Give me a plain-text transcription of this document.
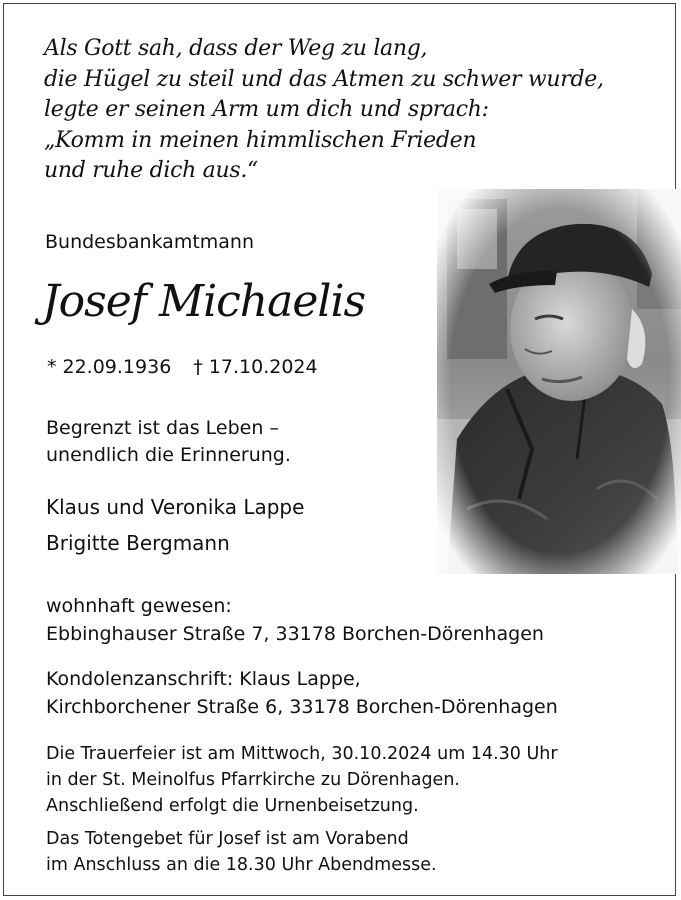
Als Gott sah, dass der Weg zu lang,
die Hügel zu steil und das Atmen zu schwer wurde,
legte er seinen Arm um dich und sprach:
„Komm in meinen himmlischen Frieden
und ruhe dich aus.“
Bundesbankamtmann
Josef Michaelis
* 22.09.1936 † 17.10.2024
Begrenzt ist das Leben –
unendlich die Erinnerung.
Klaus und Veronika Lappe
Brigitte Bergmann
wohnhaft gewesen:
Ebbinghauser Straße 7, 33178 Borchen-Dörenhagen
Kondolenzanschrift: Klaus Lappe,
Kirchborchener Straße 6, 33178 Borchen-Dörenhagen
Die Trauerfeier ist am Mittwoch, 30.10.2024 um 14.30 Uhr
in der St. Meinolfus Pfarrkirche zu Dörenhagen.
Anschließend erfolgt die Urnenbeisetzung.
Das Totengebet für Josef ist am Vorabend
im Anschluss an die 18.30 Uhr Abendmesse.
